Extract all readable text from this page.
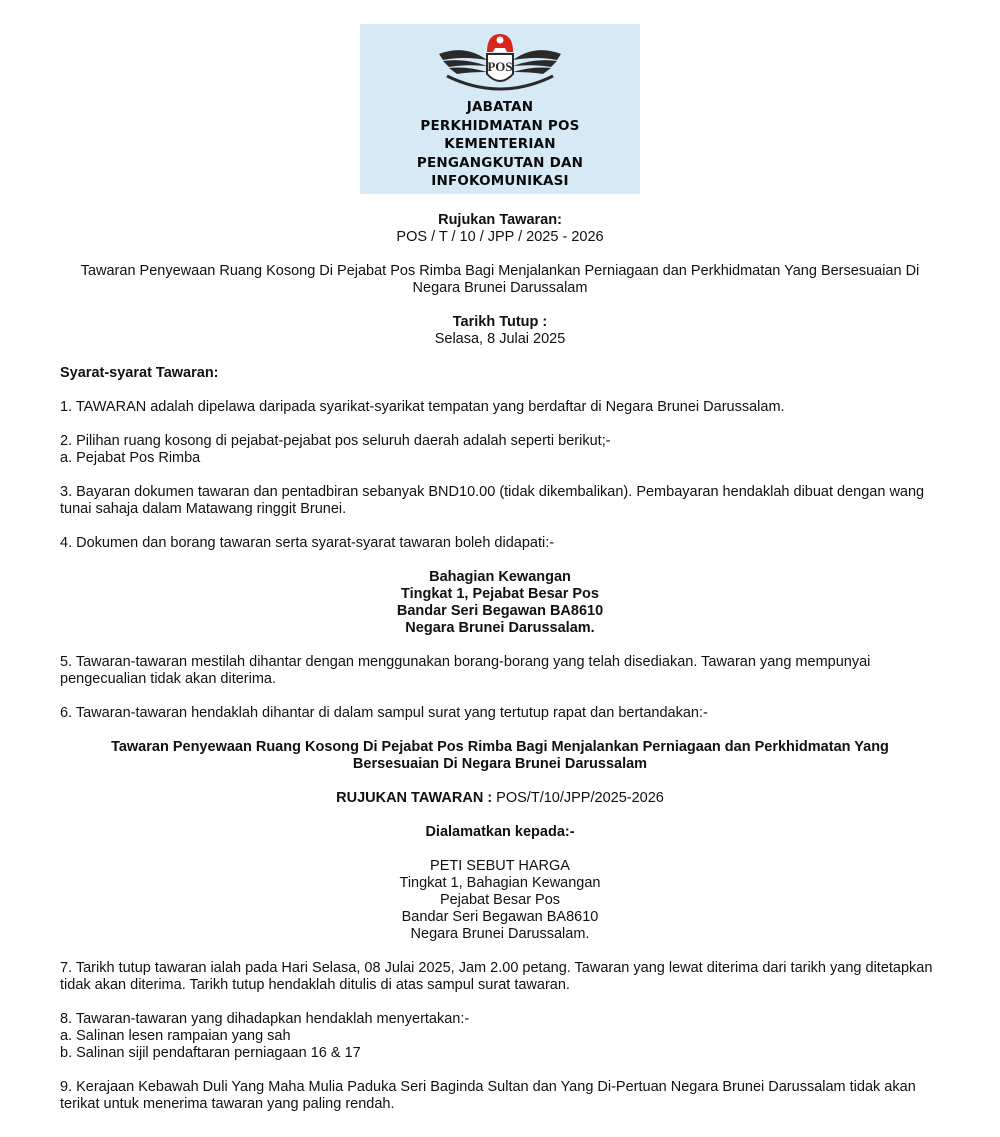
POS
JABATAN
PERKHIDMATAN POS
KEMENTERIAN
PENGANGKUTAN DAN
INFOKOMUNIKASI
Rujukan Tawaran:
POS / T / 10 / JPP / 2025 - 2026
Tawaran Penyewaan Ruang Kosong Di Pejabat Pos Rimba Bagi Menjalankan Perniagaan dan Perkhidmatan Yang Bersesuaian Di Negara Brunei Darussalam
Tarikh Tutup :
Selasa, 8 Julai 2025
Syarat-syarat Tawaran:

1. TAWARAN adalah dipelawa daripada syarikat-syarikat tempatan yang berdaftar di Negara Brunei Darussalam.

2. Pilihan ruang kosong di pejabat-pejabat pos seluruh daerah adalah seperti berikut;-

a. Pejabat Pos Rimba

3. Bayaran dokumen tawaran dan pentadbiran sebanyak BND10.00 (tidak dikembalikan). Pembayaran hendaklah dibuat dengan wang tunai sahaja dalam Matawang ringgit Brunei.

4. Dokumen dan borang tawaran serta syarat-syarat tawaran boleh didapati:-

Bahagian Kewangan
Tingkat 1, Pejabat Besar Pos
Bandar Seri Begawan BA8610
Negara Brunei Darussalam.

5. Tawaran-tawaran mestilah dihantar dengan menggunakan borang-borang yang telah disediakan. Tawaran yang mempunyai pengecualian tidak akan diterima.

6. Tawaran-tawaran hendaklah dihantar di dalam sampul surat yang tertutup rapat dan bertandakan:-

Tawaran Penyewaan Ruang Kosong Di Pejabat Pos Rimba Bagi Menjalankan Perniagaan dan Perkhidmatan Yang Bersesuaian Di Negara Brunei Darussalam
RUJUKAN TAWARAN : POS/T/10/JPP/2025-2026
Dialamatkan kepada:-
PETI SEBUT HARGA
Tingkat 1, Bahagian Kewangan
Pejabat Besar Pos
Bandar Seri Begawan BA8610
Negara Brunei Darussalam.

7. Tarikh tutup tawaran ialah pada Hari Selasa, 08 Julai 2025, Jam 2.00 petang. Tawaran yang lewat diterima dari tarikh yang ditetapkan tidak akan diterima. Tarikh tutup hendaklah ditulis di atas sampul surat tawaran.

8. Tawaran-tawaran yang dihadapkan hendaklah menyertakan:-

a. Salinan lesen rampaian yang sah

b. Salinan sijil pendaftaran perniagaan 16 & 17

9. Kerajaan Kebawah Duli Yang Maha Mulia Paduka Seri Baginda Sultan dan Yang Di-Pertuan Negara Brunei Darussalam tidak akan terikat untuk menerima tawaran yang paling rendah.
